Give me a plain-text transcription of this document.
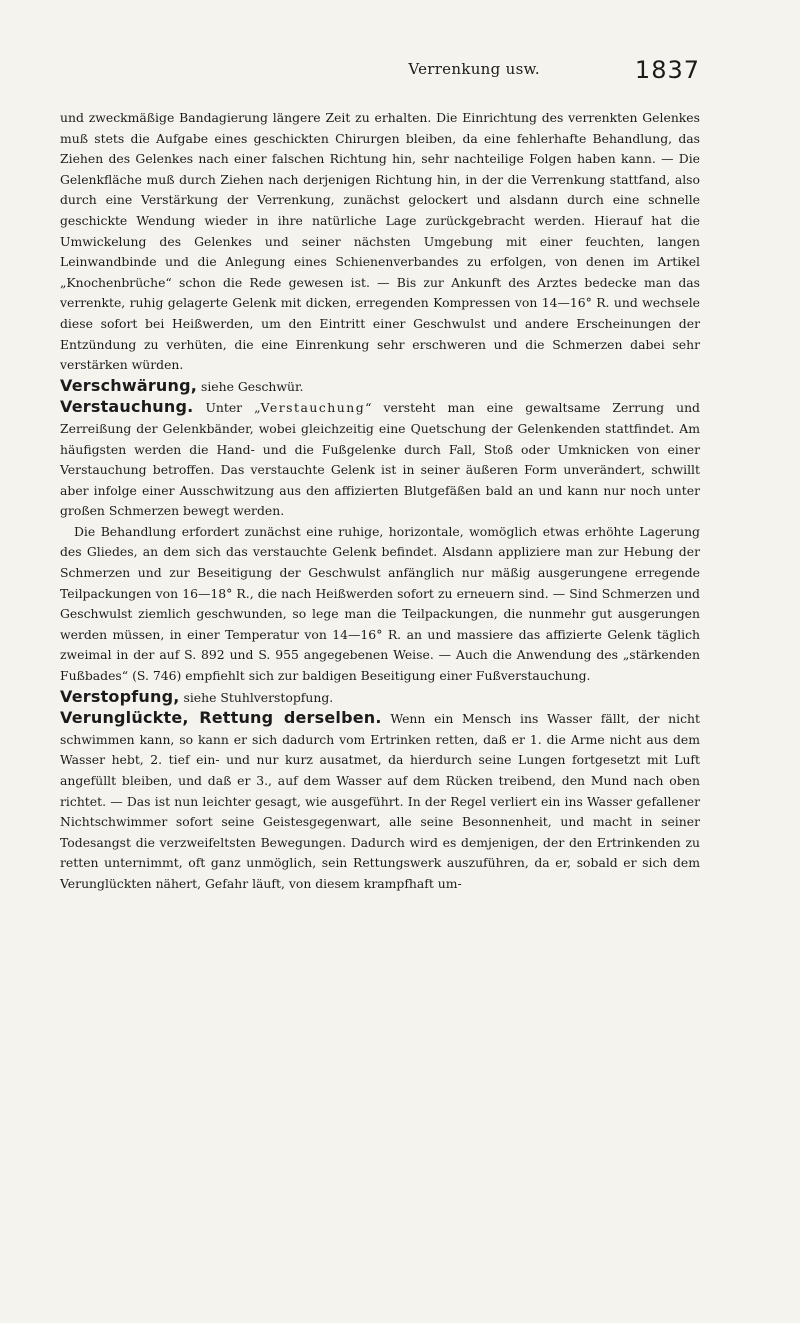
Verrenkung usw.	1837

und zweckmäßige Bandagierung längere Zeit zu erhalten. Die Einrichtung des verrenkten Gelenkes muß stets die Aufgabe eines geschickten Chirurgen bleiben, da eine fehlerhafte Behandlung, das Ziehen des Gelenkes nach einer falschen Richtung hin, sehr nachteilige Folgen haben kann. — Die Gelenkfläche muß durch Ziehen nach derjenigen Richtung hin, in der die Verrenkung stattfand, also durch eine Verstärkung der Verrenkung, zunächst gelockert und alsdann durch eine schnelle geschickte Wendung wieder in ihre natürliche Lage zurückgebracht werden. Hierauf hat die Umwickelung des Gelenkes und seiner nächsten Umgebung mit einer feuchten, langen Leinwandbinde und die Anlegung eines Schienenverbandes zu erfolgen, von denen im Artikel „Knochenbrüche“ schon die Rede gewesen ist. — Bis zur Ankunft des Arztes bedecke man das verrenkte, ruhig gelagerte Gelenk mit dicken, erregenden Kompressen von 14—16° R. und wechsele diese sofort bei Heißwerden, um den Eintritt einer Geschwulst und andere Erscheinungen der Entzündung zu verhüten, die eine Einrenkung sehr erschweren und die Schmerzen dabei sehr verstärken würden.

Verschwärung, siehe Geschwür.

Verstauchung. Unter „Verstauchung“ versteht man eine gewaltsame Zerrung und Zerreißung der Gelenkbänder, wobei gleichzeitig eine Quetschung der Gelenkenden stattfindet. Am häufigsten werden die Hand- und die Fußgelenke durch Fall, Stoß oder Umknicken von einer Verstauchung betroffen. Das verstauchte Gelenk ist in seiner äußeren Form unverändert, schwillt aber infolge einer Ausschwitzung aus den affizierten Blutgefäßen bald an und kann nur noch unter großen Schmerzen bewegt werden.

Die Behandlung erfordert zunächst eine ruhige, horizontale, womöglich etwas erhöhte Lagerung des Gliedes, an dem sich das verstauchte Gelenk befindet. Alsdann appliziere man zur Hebung der Schmerzen und zur Beseitigung der Geschwulst anfänglich nur mäßig ausgerungene erregende Teilpackungen von 16—18° R., die nach Heißwerden sofort zu erneuern sind. — Sind Schmerzen und Geschwulst ziemlich geschwunden, so lege man die Teilpackungen, die nunmehr gut ausgerungen werden müssen, in einer Temperatur von 14—16° R. an und massiere das affizierte Gelenk täglich zweimal in der auf S. 892 und S. 955 angegebenen Weise. — Auch die Anwendung des „stärkenden Fußbades“ (S. 746) empfiehlt sich zur baldigen Beseitigung einer Fußverstauchung.

Verstopfung, siehe Stuhlverstopfung.

Verunglückte, Rettung derselben. Wenn ein Mensch ins Wasser fällt, der nicht schwimmen kann, so kann er sich dadurch vom Ertrinken retten, daß er 1. die Arme nicht aus dem Wasser hebt, 2. tief ein- und nur kurz ausatmet, da hierdurch seine Lungen fortgesetzt mit Luft angefüllt bleiben, und daß er 3., auf dem Wasser auf dem Rücken treibend, den Mund nach oben richtet. — Das ist nun leichter gesagt, wie ausgeführt. In der Regel verliert ein ins Wasser gefallener Nichtschwimmer sofort seine Geistesgegenwart, alle seine Besonnenheit, und macht in seiner Todesangst die verzweifeltsten Bewegungen. Dadurch wird es demjenigen, der den Ertrinkenden zu retten unternimmt, oft ganz unmöglich, sein Rettungswerk auszuführen, da er, sobald er sich dem Verunglückten nähert, Gefahr läuft, von diesem krampfhaft um-
